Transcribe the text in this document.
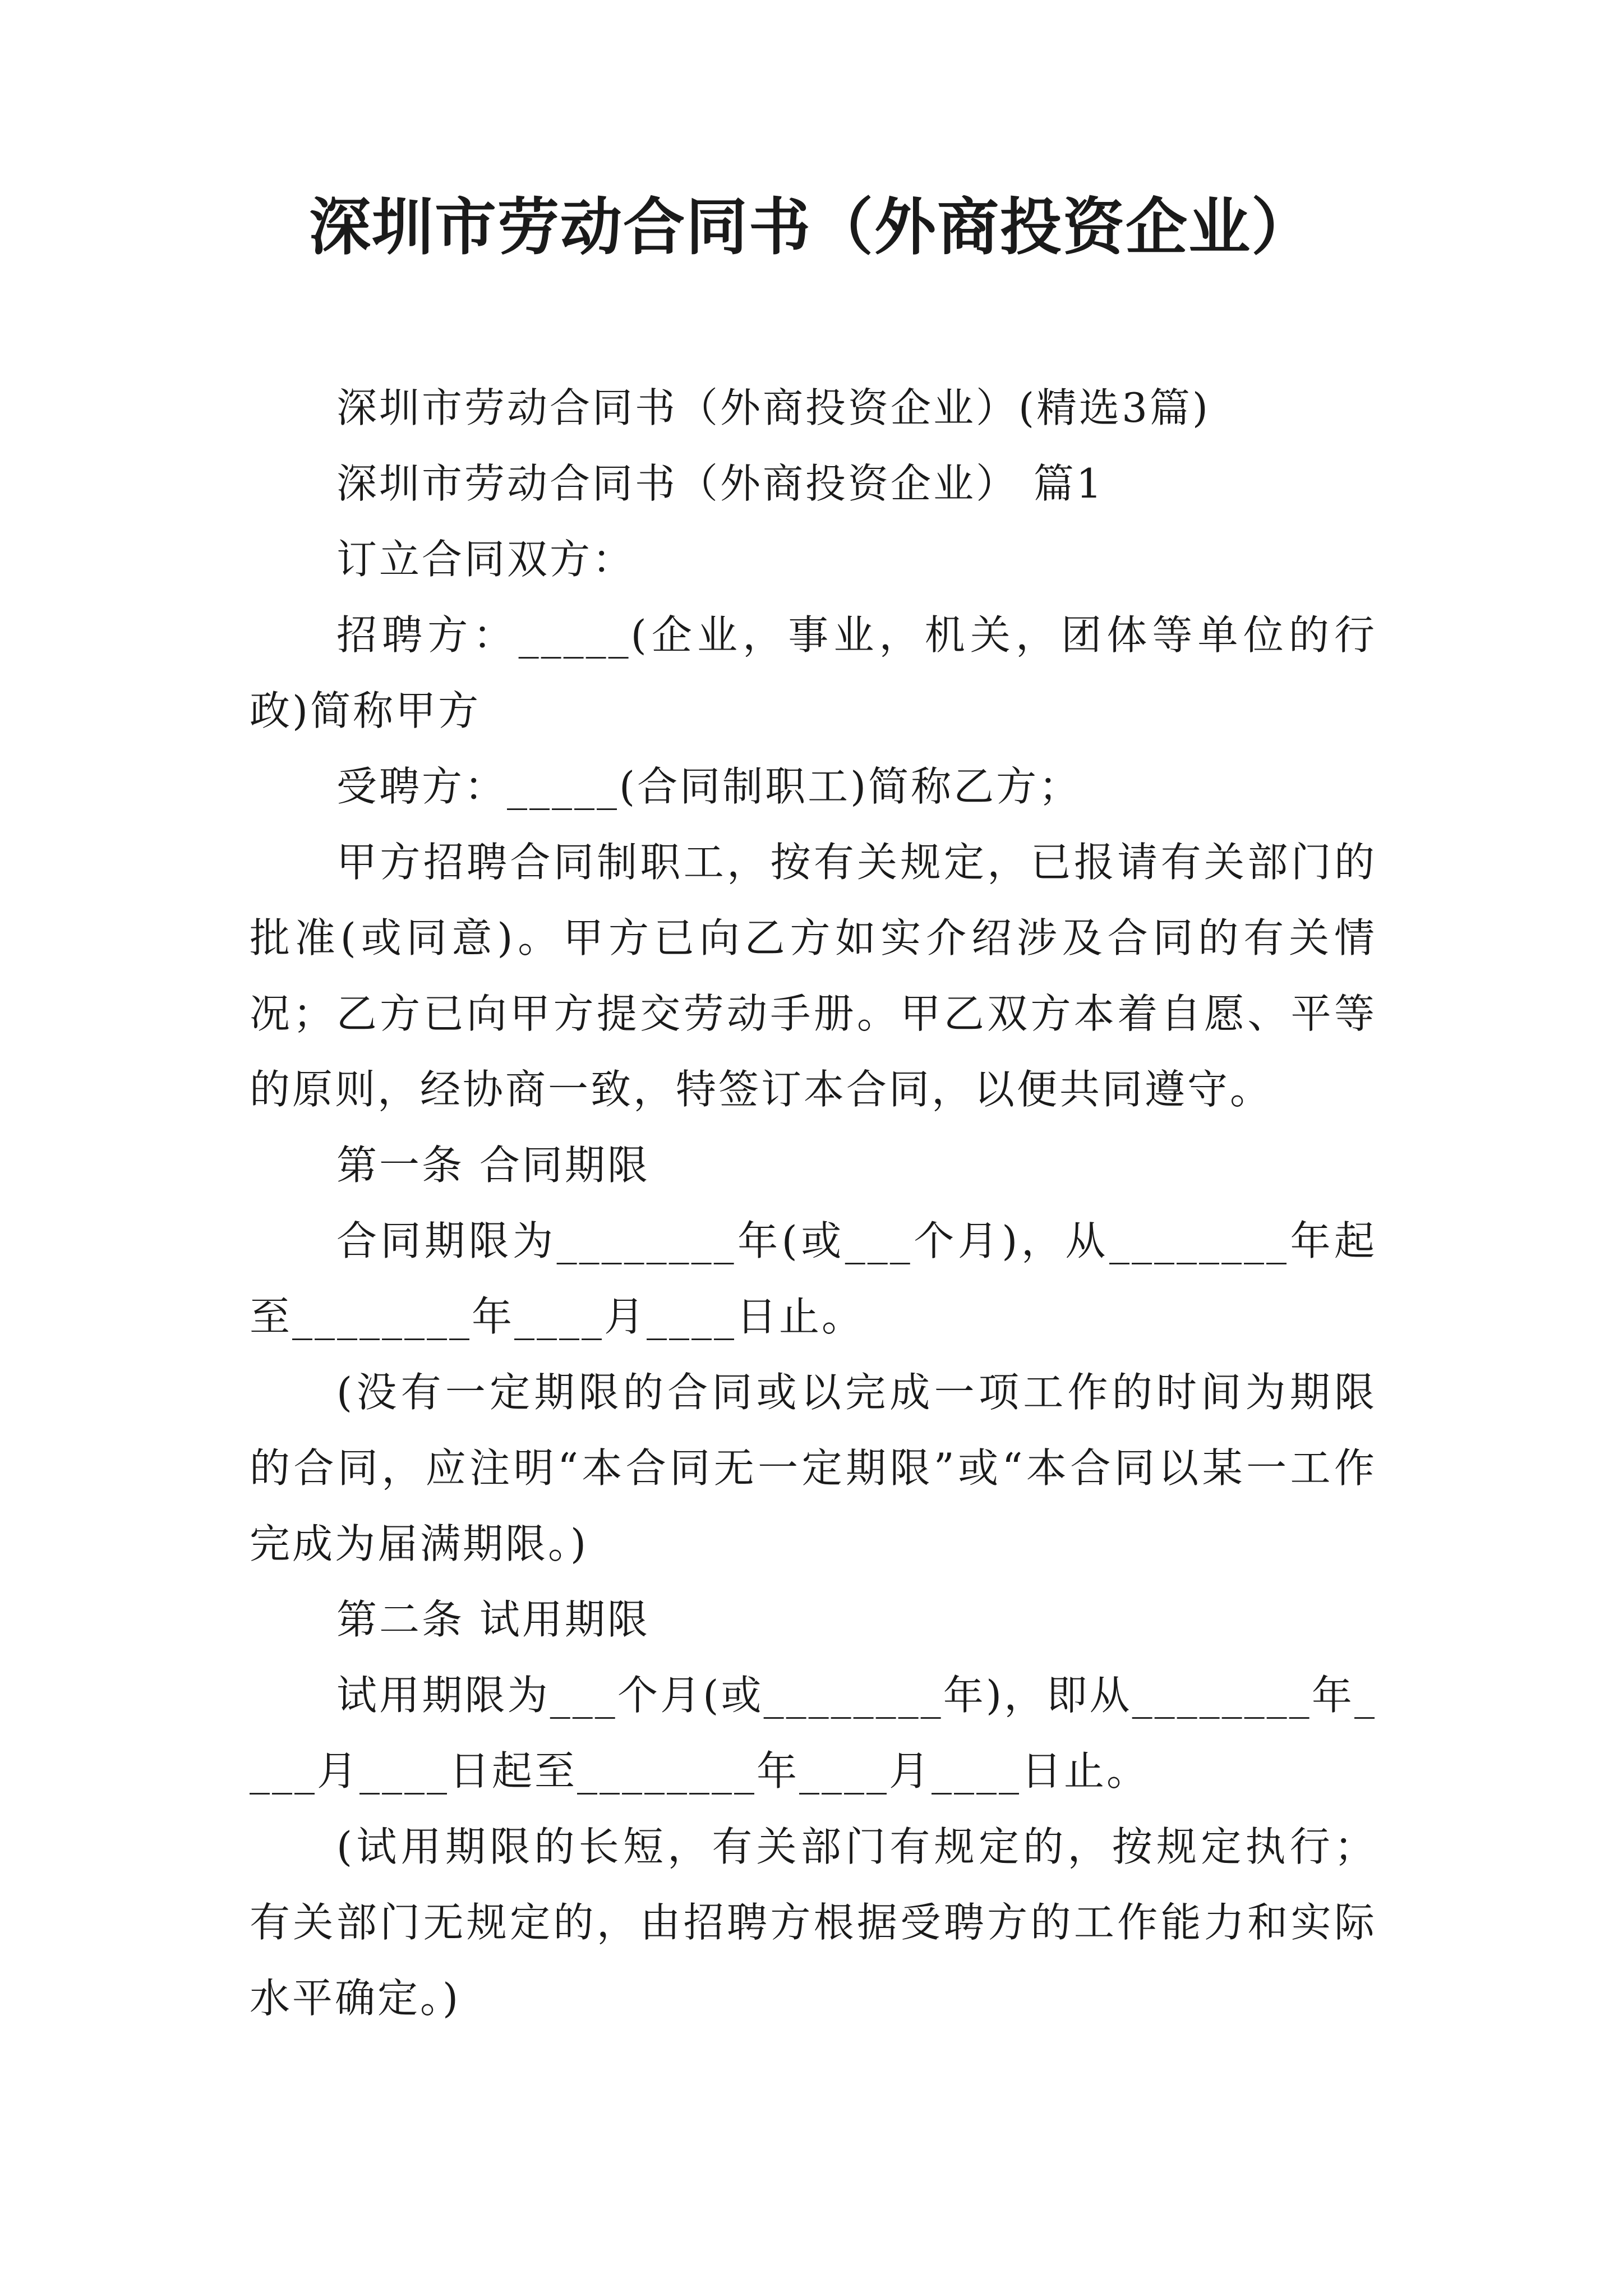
深圳市劳动合同书（外商投资企业）

深圳市劳动合同书（外商投资企业）(精选3篇)

深圳市劳动合同书（外商投资企业） 篇1

订立合同双方：

招聘方：_____(企业，事业，机关，团体等单位的行政)简称甲方

受聘方：_____(合同制职工)简称乙方；

甲方招聘合同制职工，按有关规定，已报请有关部门的批准(或同意)。甲方已向乙方如实介绍涉及合同的有关情况；乙方已向甲方提交劳动手册。甲乙双方本着自愿、平等的原则，经协商一致，特签订本合同，以便共同遵守。

第一条 合同期限

合同期限为________年(或___个月)，从________年起至________年____月____日止。

(没有一定期限的合同或以完成一项工作的时间为期限的合同，应注明“本合同无一定期限”或“本合同以某一工作完成为届满期限。)

第二条 试用期限

试用期限为___个月(或________年)，即从________年____月____日起至________年____月____日止。

(试用期限的长短，有关部门有规定的，按规定执行；有关部门无规定的，由招聘方根据受聘方的工作能力和实际水平确定。)
